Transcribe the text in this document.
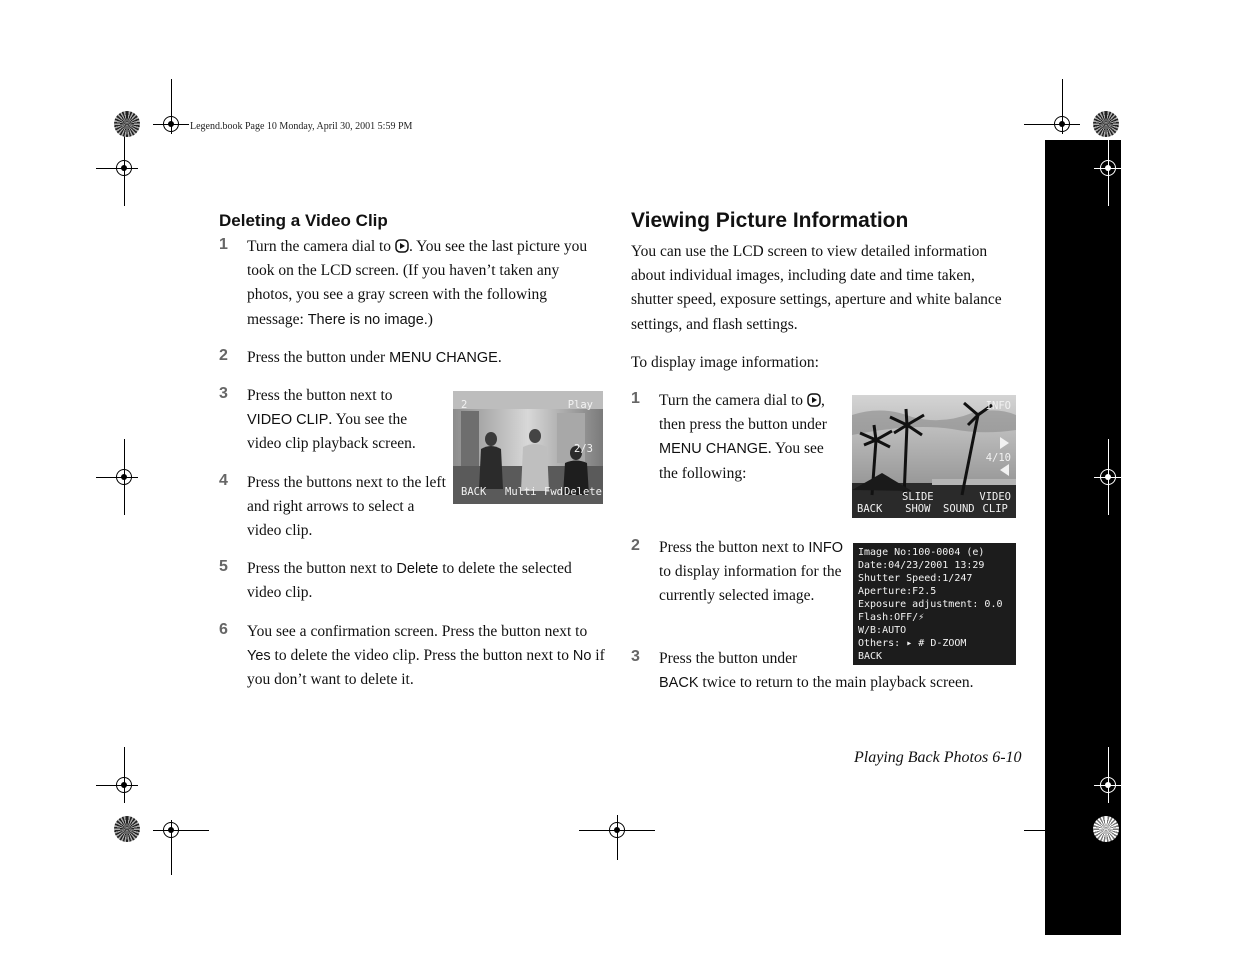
Legend.book Page 10 Monday, April 30, 2001 5:59 PM
Deleting a Video Clip
1 Turn the camera dial to . You see the last picture you took on the LCD screen. (If you haven’t taken any photos, you see a gray screen with the following message: There is no image.)
2 Press the button under MENU CHANGE.
3 Press the button next to VIDEO CLIP. You see the video clip playback screen.
4 Press the buttons next to the left and right arrows to select a video clip.
2	Play
2/3
BACK Multi Fwd Delete
5 Press the button next to Delete to delete the selected video clip.
6 You see a confirmation screen. Press the button next to Yes to delete the video clip. Press the button next to No if you don’t want to delete it.
Viewing Picture Information
You can use the LCD screen to view detailed information about individual images, including date and time taken, shutter speed, exposure settings, aperture and white balance settings, and flash settings.
To display image information:
1 Turn the camera dial to , then press the button under MENU CHANGE. You see the following:
INFO
4/10
BACK
SLIDE
SHOW	SOUND
VIDEO
CLIP
2 Press the button next to INFO to display information for the currently selected image.
Image No:100-0004 (e)
Date:04/23/2001 13:29
Shutter Speed:1/247
Aperture:F2.5
Exposure adjustment: 0.0
Flash:OFF/⚡
W/B:AUTO
Others: ▸ # D-ZOOM
BACK
3 Press the button under
BACK twice to return to the main playback screen.
Playing Back Photos 6-10
